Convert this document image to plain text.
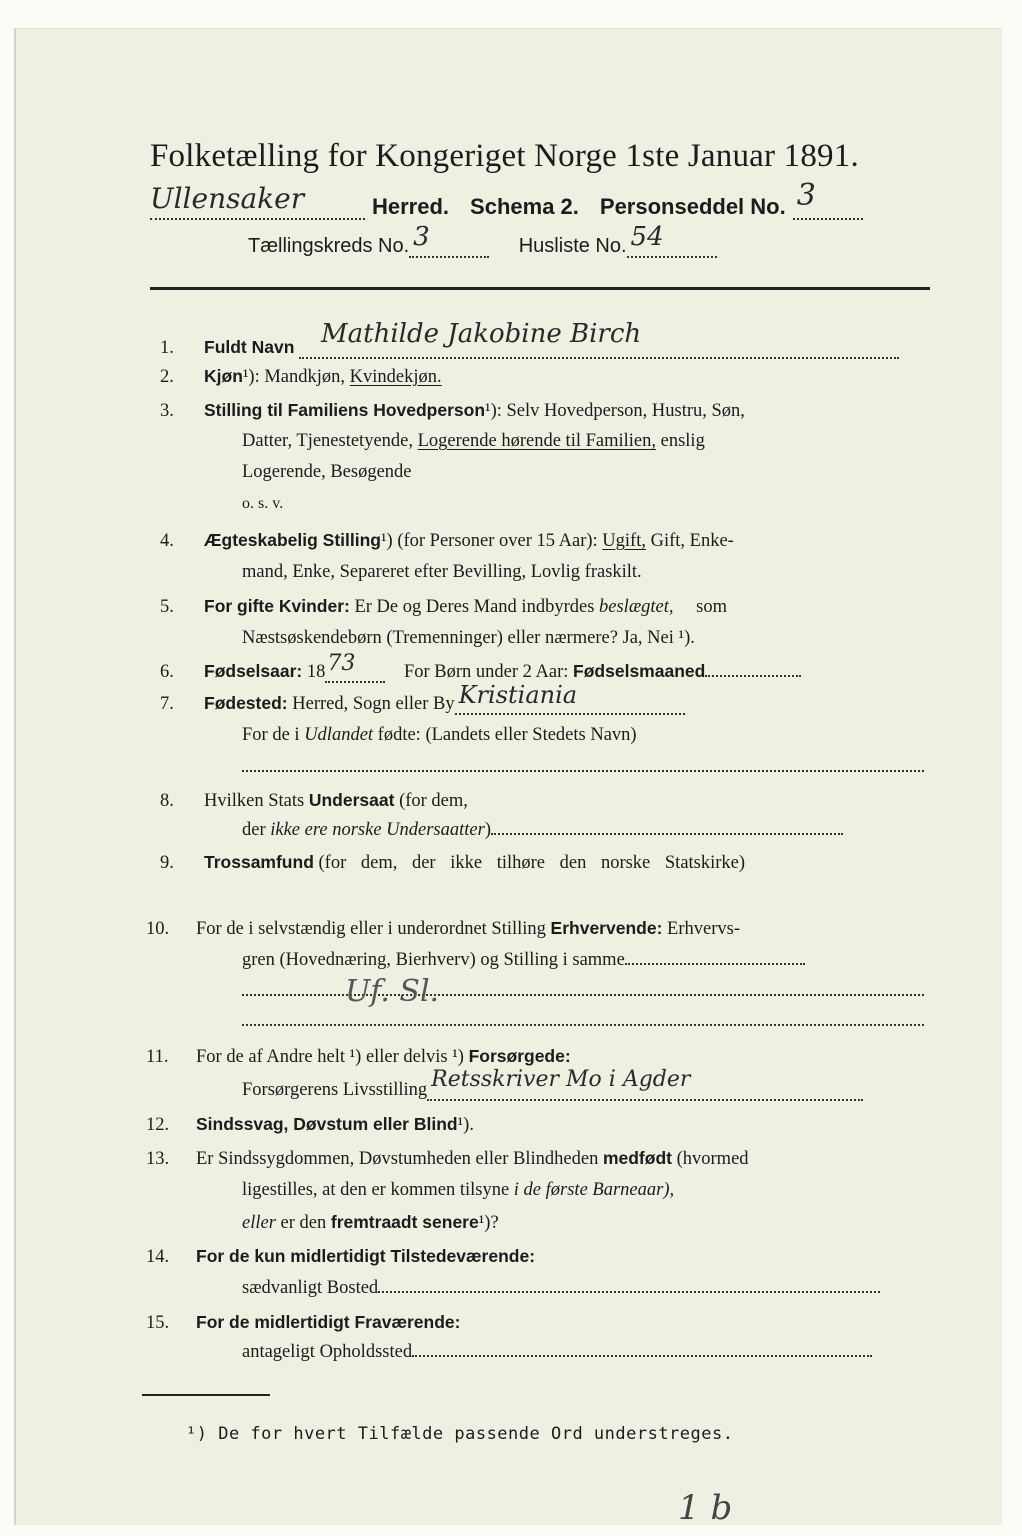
Folketælling for Kongeriget Norge 1ste Januar 1891.
Ullensaker	Herred. Schema 2. Personseddel No. 3
Tællingskreds No. 3	Husliste No. 54
1. Fuldt Navn Mathilde Jakobine Birch
2. Kjøn¹): Mandkjøn, Kvindekjøn.
3. Stilling til Familiens Hovedperson¹): Selv Hovedperson, Hustru, Søn,
Datter, Tjenestetyende, Logerende hørende til Familien, enslig
Logerende, Besøgende
o. s. v.
4. Ægteskabelig Stilling¹) (for Personer over 15 Aar): Ugift, Gift, Enke-
mand, Enke, Separeret efter Bevilling, Lovlig fraskilt.
5. For gifte Kvinder: Er De og Deres Mand indbyrdes beslægtet, som
Næstsøskendebørn (Tremenninger) eller nærmere? Ja, Nei ¹).
6. Fødselsaar: 18 73	For Børn under 2 Aar: Fødselsmaaned
7. Fødested: Herred, Sogn eller By Kristiania
For de i Udlandet fødte: (Landets eller Stedets Navn)
8. Hvilken Stats Undersaat (for dem,
der ikke ere norske Undersaatter)
9. Trossamfund (for dem, der ikke tilhøre den norske Statskirke)
10. For de i selvstændig eller i underordnet Stilling Erhvervende: Erhvervs-
gren (Hovednæring, Bierhverv) og Stilling i samme
Uf. Sl.
11. For de af Andre helt ¹) eller delvis ¹) Forsørgede:
Forsørgerens Livsstilling Retsskriver Mo i Agder
12. Sindssvag, Døvstum eller Blind¹).
13. Er Sindssygdommen, Døvstumheden eller Blindheden medfødt (hvormed
ligestilles, at den er kommen tilsyne i de første Barneaar),
eller er den fremtraadt senere¹)?
14. For de kun midlertidigt Tilstedeværende:
sædvanligt Bosted
15. For de midlertidigt Fraværende:
antageligt Opholdssted
¹) De for hvert Tilfælde passende Ord understreges.
1 b
